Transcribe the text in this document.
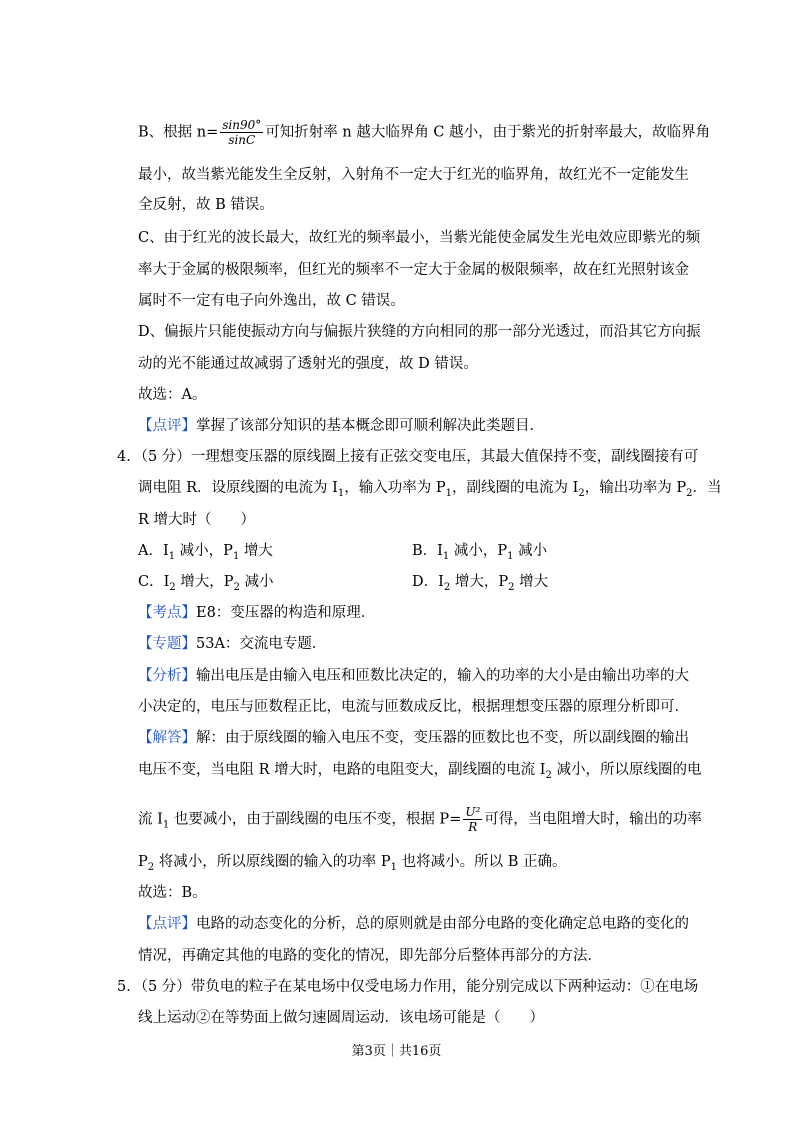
B、根据 $n= \frac{\sin 90^\circ}{\sin C}$ 可知折射率 n 越大临界角 C 越小，由于紫光的折射率最大，故临界角
最小，故当紫光能发生全反射，入射角不一定大于红光的临界角，故红光不一定能发生
全反射，故 B 错误。
C、由于红光的波长最大，故红光的频率最小，当紫光能使金属发生光电效应即紫光的频
率大于金属的极限频率，但红光的频率不一定大于金属的极限频率，故在红光照射该金
属时不一定有电子向外逸出，故 C 错误。
D、偏振片只能使振动方向与偏振片狭缝的方向相同的那一部分光透过，而沿其它方向振
动的光不能通过故减弱了透射光的强度，故 D 错误。
故选：A。
【点评】掌握了该部分知识的基本概念即可顺利解决此类题目．
4．（5 分）一理想变压器的原线圈上接有正弦交变电压，其最大值保持不变，副线圈接有可
调电阻 R．设原线圈的电流为 $I_1$，输入功率为 $P_1$，副线圈的电流为 $I_2$，输出功率为 $P_2$．当
R 增大时（　　）
A．$I_1$ 减小，$P_1$ 增大	B．$I_1$ 减小，$P_1$ 减小
C．$I_2$ 增大，$P_2$ 减小	D．$I_2$ 增大，$P_2$ 增大
【考点】E8：变压器的构造和原理．
【专题】53A：交流电专题．
【分析】输出电压是由输入电压和匝数比决定的，输入的功率的大小是由输出功率的大
小决定的，电压与匝数程正比，电流与匝数成反比，根据理想变压器的原理分析即可．
【解答】解：由于原线圈的输入电压不变，变压器的匝数比也不变，所以副线圈的输出
电压不变，当电阻 R 增大时，电路的电阻变大，副线圈的电流 $I_2$ 减小，所以原线圈的电
流 $I_1$ 也要减小，由于副线圈的电压不变，根据 $P= \frac{\text{U²}}{R}$ 可得，当电阻增大时，输出的功率
$P_2$ 将减小，所以原线圈的输入的功率 $P_1$ 也将减小。所以 B 正确。
故选：B。
【点评】电路的动态变化的分析，总的原则就是由部分电路的变化确定总电路的变化的
情况，再确定其他的电路的变化的情况，即先部分后整体再部分的方法．
5．（5 分）带负电的粒子在某电场中仅受电场力作用，能分别完成以下两种运动：①在电场
线上运动②在等势面上做匀速圆周运动．该电场可能是（　　）
第3页｜共16页
